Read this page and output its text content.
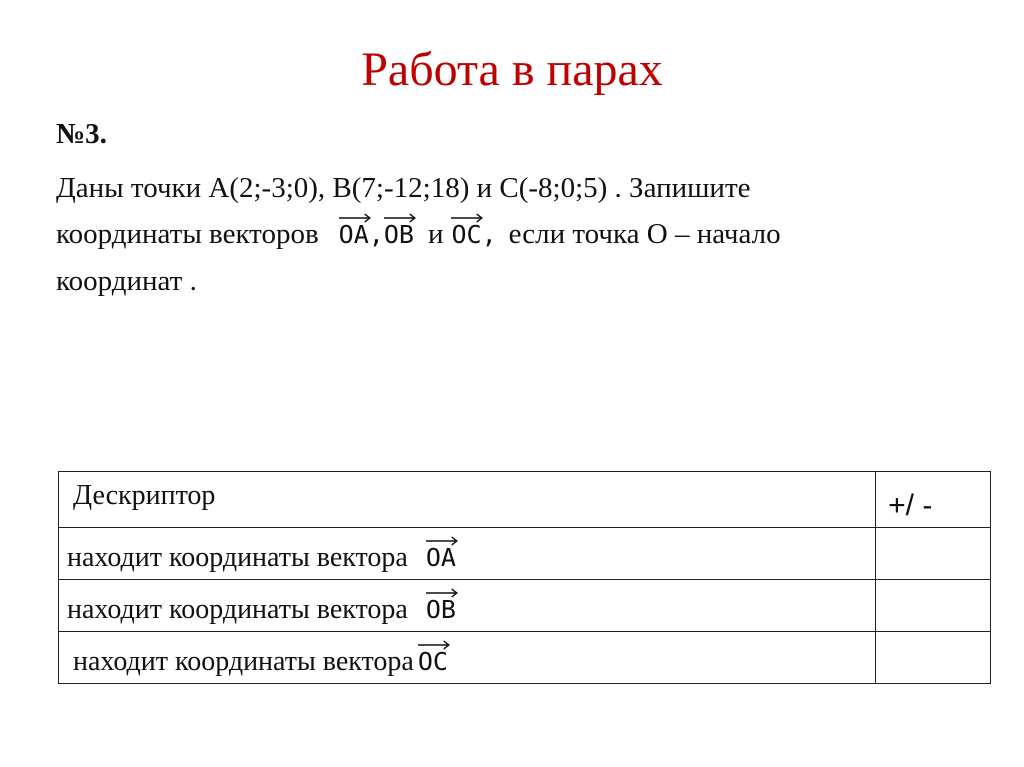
Работа в парах
№3.
Даны точки А(2;-3;0), В(7;-12;18) и С(-8;0;5) . Запишите
координаты векторов OA,
OB и OC, если точка О – начало
координат .
Дескриптор	+/ -

находит координаты вектора OA	
находит координаты вектора OB	
находит координаты вектора OC	
